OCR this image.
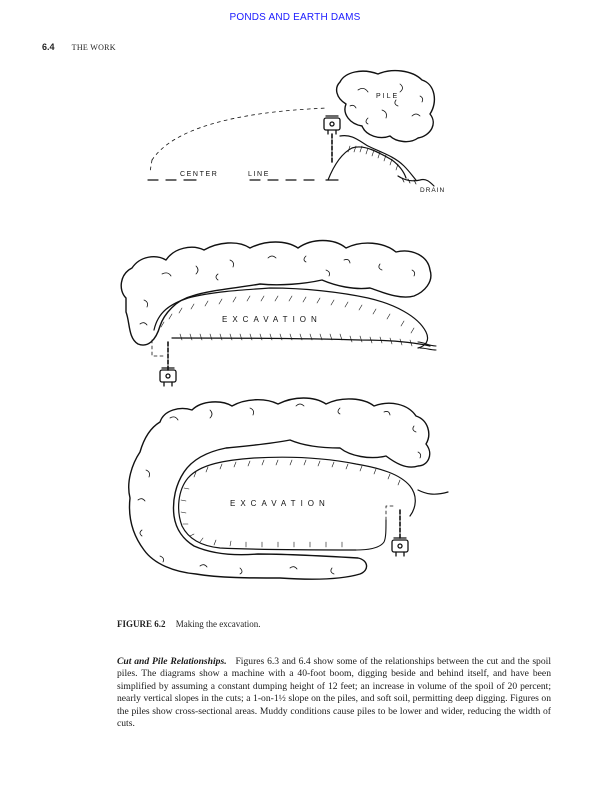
PONDS AND EARTH DAMS
6.4 THE WORK
PILE
CENTER	LINE
DRAIN
EXCAVATION
EXCAVATION
FIGURE 6.2 Making the excavation.
Cut and Pile Relationships. Figures 6.3 and 6.4 show some of the relationships between the cut and the spoil piles. The diagrams show a machine with a 40-foot boom, digging beside and behind itself, and have been simplified by assuming a constant dumping height of 12 feet; an increase in volume of the spoil of 20 percent; nearly vertical slopes in the cuts; a 1-on-1½ slope on the piles, and soft soil, permitting deep digging. Figures on the piles show cross-sectional areas. Muddy conditions cause piles to be lower and wider, reducing the width of cuts.
